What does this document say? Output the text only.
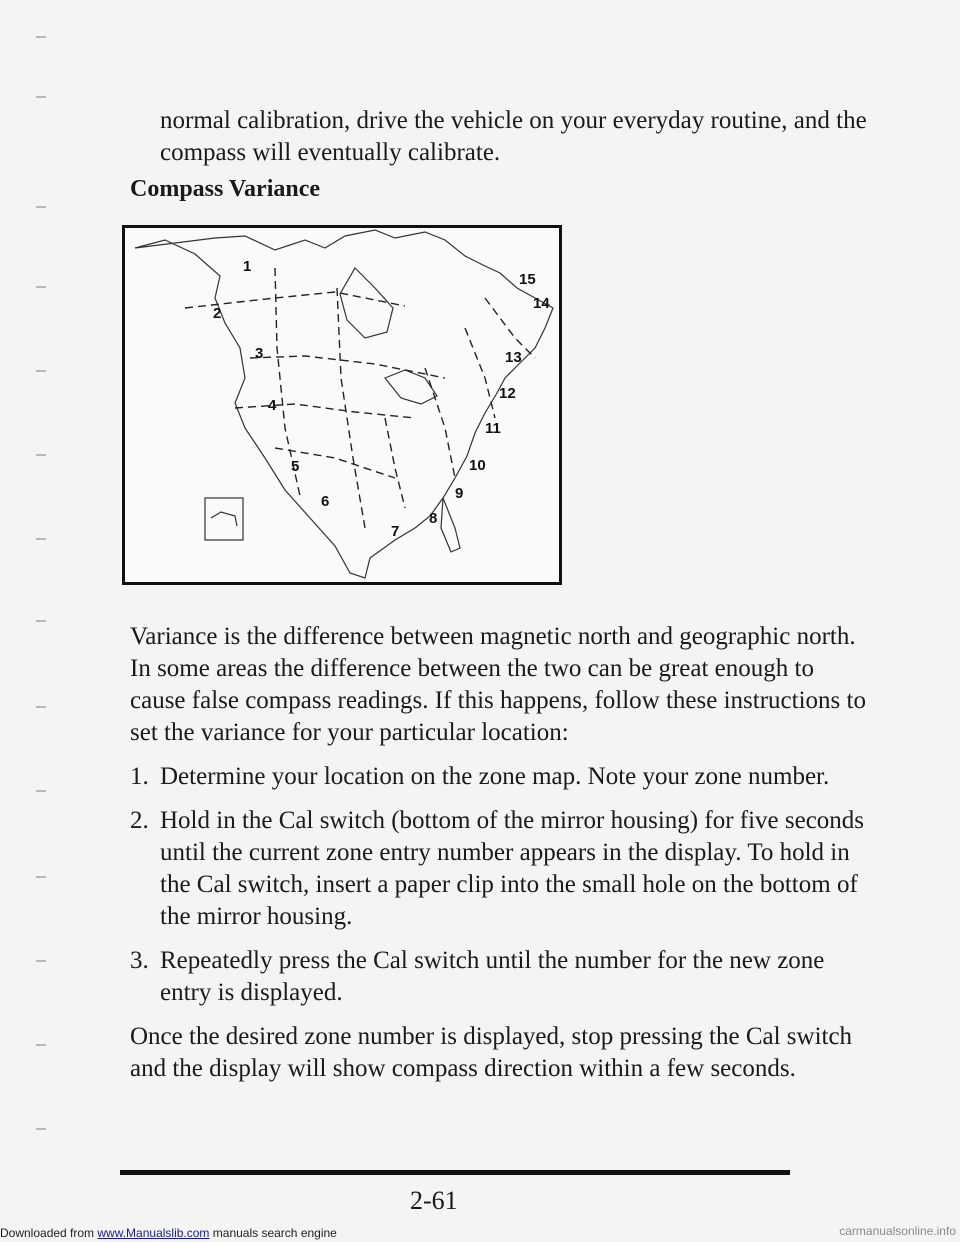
normal calibration, drive the vehicle on your everyday routine, and the
compass will eventually calibrate.
Compass Variance
1
2
3
4
5
6
7
8
9
10
11
12
13
14
15
Variance is the difference between magnetic north and geographic north.
In some areas the difference between the two can be great enough to
cause false compass readings. If this happens, follow these instructions to
set the variance for your particular location:
1. Determine your location on the zone map. Note your zone number.
2. Hold in the Cal switch (bottom of the mirror housing) for five seconds
until the current zone entry number appears in the display. To hold in
the Cal switch, insert a paper clip into the small hole on the bottom of
the mirror housing.
3. Repeatedly press the Cal switch until the number for the new zone
entry is displayed.
Once the desired zone number is displayed, stop pressing the Cal switch
and the display will show compass direction within a few seconds.
2-61
Downloaded from www.Manualslib.com manuals search engine	carmanualsonline.info
